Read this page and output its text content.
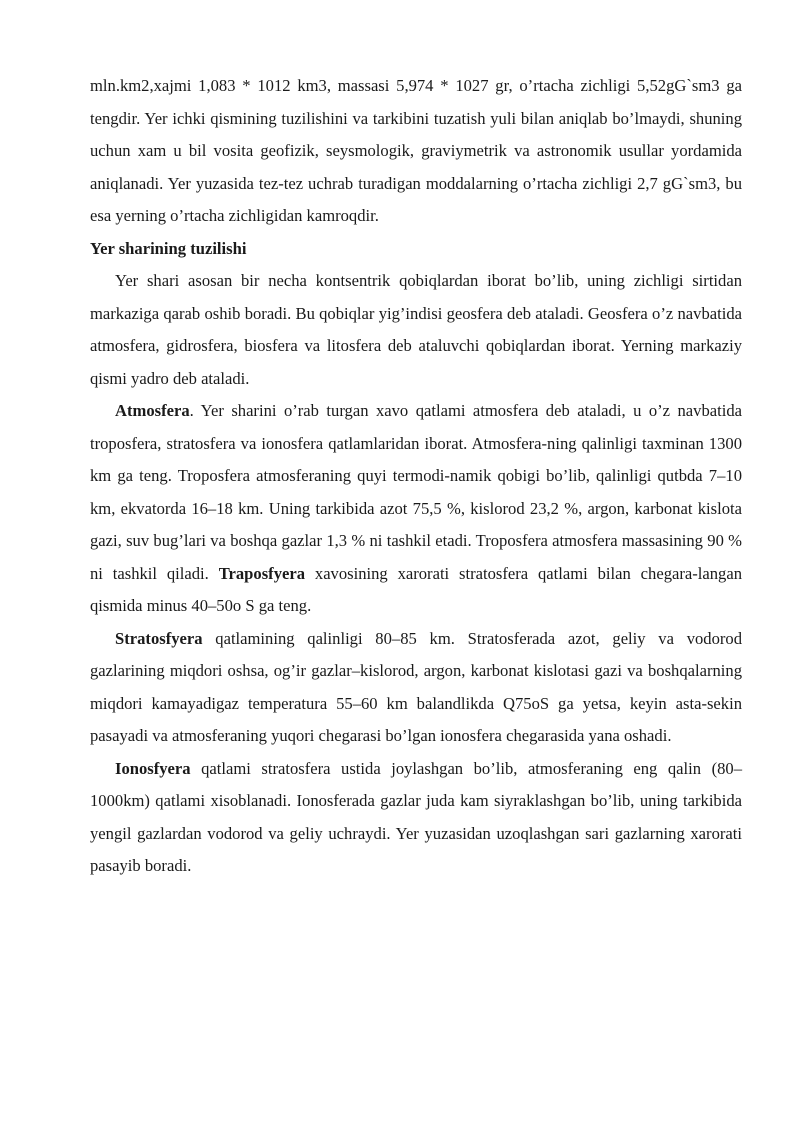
mln.km2,xajmi 1,083 * 1012 km3, massasi 5,974 * 1027 gr, o’rtacha zichligi 5,52gG`sm3 ga tengdir. Yer ichki qismining tuzilishini va tarkibini tuzatish yuli bilan aniqlab bo’lmaydi, shuning uchun xam u bil vosita geofizik, seysmologik, graviymetrik va astronomik usullar yordamida aniqlanadi. Yer yuzasida tez-tez uchrab turadigan moddalarning o’rtacha zichligi 2,7 gG`sm3, bu esa yerning o’rtacha zichligidan kamroqdir.

Yer sharining tuzilishi

Yer shari asosan bir necha kontsentrik qobiqlardan iborat bo’lib, uning zichligi sirtidan markaziga qarab oshib boradi. Bu qobiqlar yig’indisi geosfera deb ataladi. Geosfera o’z navbatida atmosfera, gidrosfera, biosfera va litosfera deb ataluvchi qobiqlardan iborat. Yerning markaziy qismi yadro deb ataladi.

Atmosfera. Yer sharini o’rab turgan xavo qatlami atmosfera deb ataladi, u o’z navbatida troposfera, stratosfera va ionosfera qatlamlaridan iborat. Atmosfera-ning qalinligi taxminan 1300 km ga teng. Troposfera atmosferaning quyi termodi-namik qobigi bo’lib, qalinligi qutbda 7–10 km, ekvatorda 16–18 km. Uning tarkibida azot 75,5 %, kislorod 23,2 %, argon, karbonat kislota gazi, suv bug’lari va boshqa gazlar 1,3 % ni tashkil etadi. Troposfera atmosfera massasining 90 % ni tashkil qiladi. Traposfyera xavosining xarorati stratosfera qatlami bilan chegara-langan qismida minus 40–50o S ga teng.

Stratosfyera qatlamining qalinligi 80–85 km. Stratosferada azot, geliy va vodorod gazlarining miqdori oshsa, og’ir gazlar–kislorod, argon, karbonat kislotasi gazi va boshqalarning miqdori kamayadigaz temperatura 55–60 km balandlikda Q75oS ga yetsa, keyin asta-sekin pasayadi va atmosferaning yuqori chegarasi bo’lgan ionosfera chegarasida yana oshadi.

Ionosfyera qatlami stratosfera ustida joylashgan bo’lib, atmosferaning eng qalin (80–1000km) qatlami xisoblanadi. Ionosferada gazlar juda kam siyraklashgan bo’lib, uning tarkibida yengil gazlardan vodorod va geliy uchraydi. Yer yuzasidan uzoqlashgan sari gazlarning xarorati pasayib boradi.
